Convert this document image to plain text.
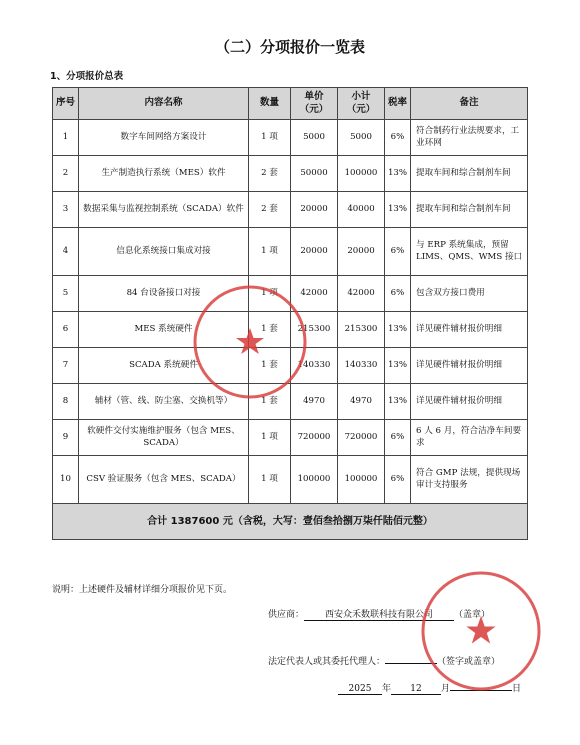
（二）分项报价一览表
1、分项报价总表
序号	内容名称	数量	单价（元）	小计（元）	税率	备注
1	数字车间网络方案设计	1 项	5000	5000	6%	符合制药行业法规要求，工业环网
2	生产制造执行系统（MES）软件	2 套	50000	100000	13%	提取车间和综合制剂车间
3	数据采集与监视控制系统（SCADA）软件	2 套	20000	40000	13%	提取车间和综合制剂车间
4	信息化系统接口集成对接	1 项	20000	20000	6%	与 ERP 系统集成，预留 LIMS、QMS、WMS 接口
5	84 台设备接口对接	1 项	42000	42000	6%	包含双方接口费用
6	MES 系统硬件	1 套	215300	215300	13%	详见硬件辅材报价明细
7	SCADA 系统硬件	1 套	140330	140330	13%	详见硬件辅材报价明细
8	辅材（管、线、防尘塞、交换机等）	1 套	4970	4970	13%	详见硬件辅材报价明细
9	软硬件交付实施维护服务（包含 MES、SCADA）	1 项	720000	720000	6%	6 人 6 月，符合洁净车间要求
10	CSV 验证服务（包含 MES、SCADA）	1 项	100000	100000	6%	符合 GMP 法规，提供现场审计支持服务
合计 1387600 元（含税，大写：壹佰叁拾捌万柒仟陆佰元整）						
说明：上述硬件及辅材详细分项报价见下页。
供应商： 西安众禾数联科技有限公司 （盖章）
法定代表人或其委托代理人：	（签字或盖章）
2025 年 12 月	日
